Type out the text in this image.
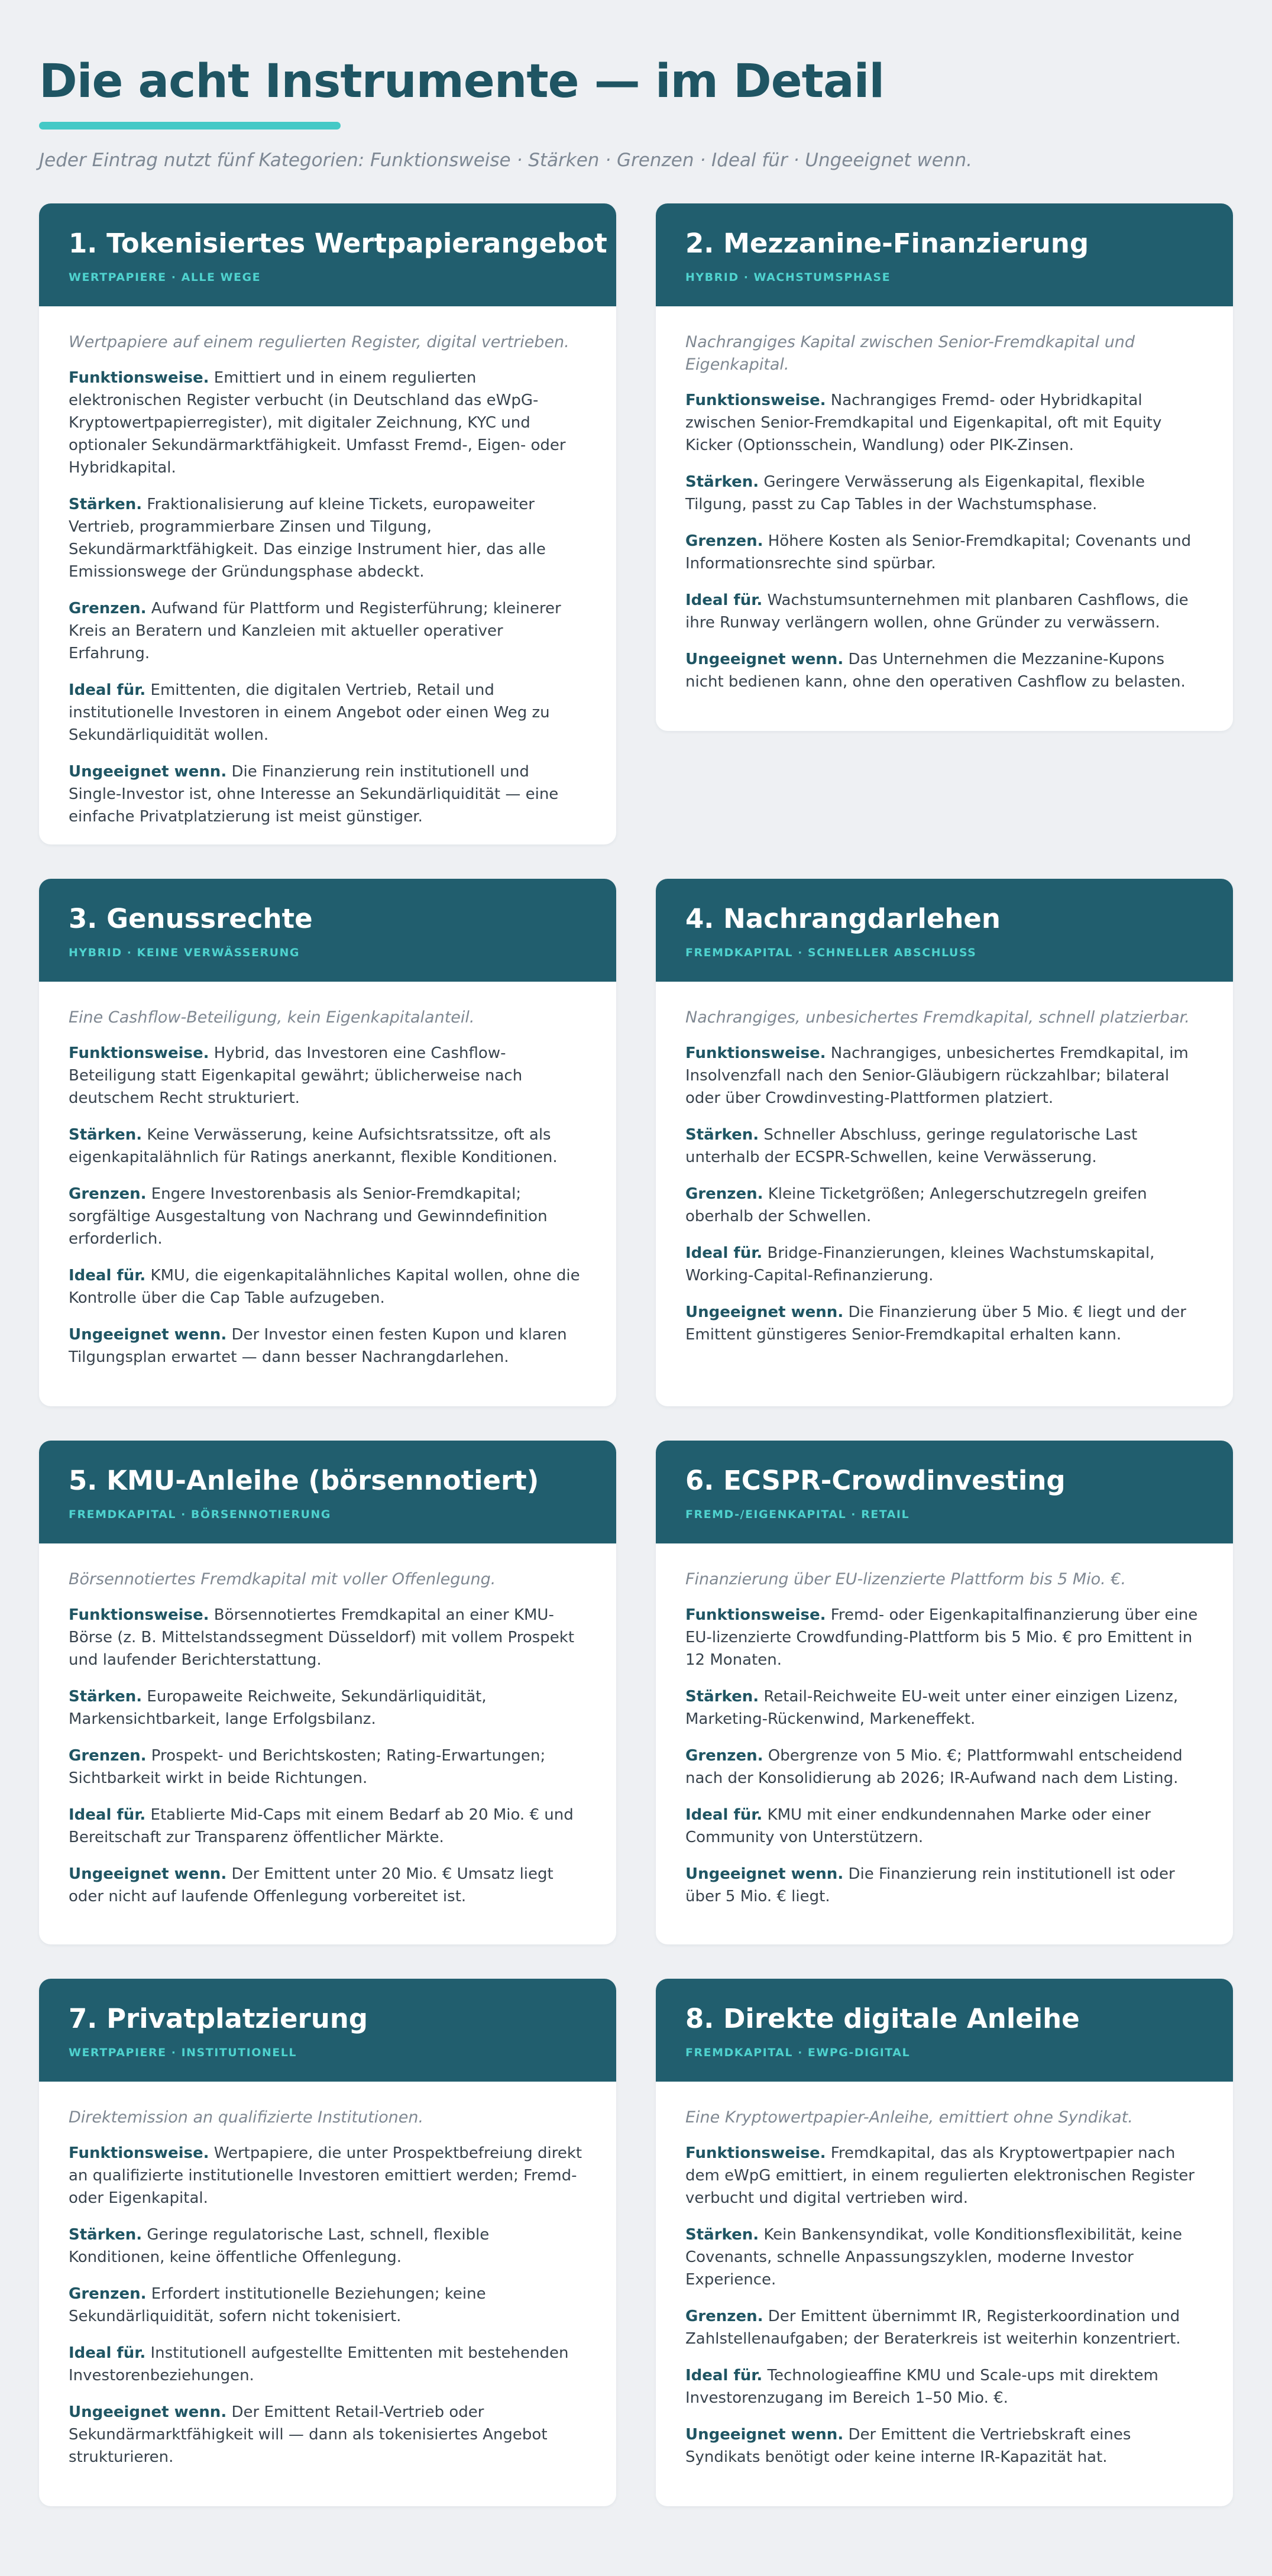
Die acht Instrumente — im Detail

Jeder Eintrag nutzt fünf Kategorien: Funktionsweise · Stärken · Grenzen · Ideal für · Ungeeignet wenn.

1. Tokenisiertes Wertpapierangebot
WERTPAPIERE · ALLE WEGE

Wertpapiere auf einem regulierten Register, digital vertrieben.

Funktionsweise. Emittiert und in einem regulierten elektronischen Register verbucht (in Deutschland das eWpG-Kryptowertpapierregister), mit digitaler Zeichnung, KYC und optionaler Sekundärmarktfähigkeit. Umfasst Fremd-, Eigen- oder Hybridkapital.

Stärken. Fraktionalisierung auf kleine Tickets, europaweiter Vertrieb, programmierbare Zinsen und Tilgung, Sekundärmarktfähigkeit. Das einzige Instrument hier, das alle Emissionswege der Gründungsphase abdeckt.

Grenzen. Aufwand für Plattform und Registerführung; kleinerer Kreis an Beratern und Kanzleien mit aktueller operativer Erfahrung.

Ideal für. Emittenten, die digitalen Vertrieb, Retail und institutionelle Investoren in einem Angebot oder einen Weg zu Sekundärliquidität wollen.

Ungeeignet wenn. Die Finanzierung rein institutionell und Single-Investor ist, ohne Interesse an Sekundärliquidität — eine einfache Privatplatzierung ist meist günstiger.

2. Mezzanine-Finanzierung
HYBRID · WACHSTUMSPHASE

Nachrangiges Kapital zwischen Senior-Fremdkapital und Eigenkapital.

Funktionsweise. Nachrangiges Fremd- oder Hybridkapital zwischen Senior-Fremdkapital und Eigenkapital, oft mit Equity Kicker (Optionsschein, Wandlung) oder PIK-Zinsen.

Stärken. Geringere Verwässerung als Eigenkapital, flexible Tilgung, passt zu Cap Tables in der Wachstumsphase.

Grenzen. Höhere Kosten als Senior-Fremdkapital; Covenants und Informationsrechte sind spürbar.

Ideal für. Wachstumsunternehmen mit planbaren Cashflows, die ihre Runway verlängern wollen, ohne Gründer zu verwässern.

Ungeeignet wenn. Das Unternehmen die Mezzanine-Kupons nicht bedienen kann, ohne den operativen Cashflow zu belasten.

3. Genussrechte
HYBRID · KEINE VERWÄSSERUNG

Eine Cashflow-Beteiligung, kein Eigenkapitalanteil.

Funktionsweise. Hybrid, das Investoren eine Cashflow-Beteiligung statt Eigenkapital gewährt; üblicherweise nach deutschem Recht strukturiert.

Stärken. Keine Verwässerung, keine Aufsichtsratssitze, oft als eigenkapitalähnlich für Ratings anerkannt, flexible Konditionen.

Grenzen. Engere Investorenbasis als Senior-Fremdkapital; sorgfältige Ausgestaltung von Nachrang und Gewinndefinition erforderlich.

Ideal für. KMU, die eigenkapitalähnliches Kapital wollen, ohne die Kontrolle über die Cap Table aufzugeben.

Ungeeignet wenn. Der Investor einen festen Kupon und klaren Tilgungsplan erwartet — dann besser Nachrangdarlehen.

4. Nachrangdarlehen
FREMDKAPITAL · SCHNELLER ABSCHLUSS

Nachrangiges, unbesichertes Fremdkapital, schnell platzierbar.

Funktionsweise. Nachrangiges, unbesichertes Fremdkapital, im Insolvenzfall nach den Senior-Gläubigern rückzahlbar; bilateral oder über Crowdinvesting-Plattformen platziert.

Stärken. Schneller Abschluss, geringe regulatorische Last unterhalb der ECSPR-Schwellen, keine Verwässerung.

Grenzen. Kleine Ticketgrößen; Anlegerschutzregeln greifen oberhalb der Schwellen.

Ideal für. Bridge-Finanzierungen, kleines Wachstumskapital, Working-Capital-Refinanzierung.

Ungeeignet wenn. Die Finanzierung über 5 Mio. € liegt und der Emittent günstigeres Senior-Fremdkapital erhalten kann.

5. KMU-Anleihe (börsennotiert)
FREMDKAPITAL · BÖRSENNOTIERUNG

Börsennotiertes Fremdkapital mit voller Offenlegung.

Funktionsweise. Börsennotiertes Fremdkapital an einer KMU-Börse (z. B. Mittelstandssegment Düsseldorf) mit vollem Prospekt und laufender Berichterstattung.

Stärken. Europaweite Reichweite, Sekundärliquidität, Markensichtbarkeit, lange Erfolgsbilanz.

Grenzen. Prospekt- und Berichtskosten; Rating-Erwartungen; Sichtbarkeit wirkt in beide Richtungen.

Ideal für. Etablierte Mid-Caps mit einem Bedarf ab 20 Mio. € und Bereitschaft zur Transparenz öffentlicher Märkte.

Ungeeignet wenn. Der Emittent unter 20 Mio. € Umsatz liegt oder nicht auf laufende Offenlegung vorbereitet ist.

6. ECSPR-Crowdinvesting
FREMD-/EIGENKAPITAL · RETAIL

Finanzierung über EU-lizenzierte Plattform bis 5 Mio. €.

Funktionsweise. Fremd- oder Eigenkapitalfinanzierung über eine EU-lizenzierte Crowdfunding-Plattform bis 5 Mio. € pro Emittent in 12 Monaten.

Stärken. Retail-Reichweite EU-weit unter einer einzigen Lizenz, Marketing-Rückenwind, Markeneffekt.

Grenzen. Obergrenze von 5 Mio. €; Plattformwahl entscheidend nach der Konsolidierung ab 2026; IR-Aufwand nach dem Listing.

Ideal für. KMU mit einer endkundennahen Marke oder einer Community von Unterstützern.

Ungeeignet wenn. Die Finanzierung rein institutionell ist oder über 5 Mio. € liegt.

7. Privatplatzierung
WERTPAPIERE · INSTITUTIONELL

Direktemission an qualifizierte Institutionen.

Funktionsweise. Wertpapiere, die unter Prospektbefreiung direkt an qualifizierte institutionelle Investoren emittiert werden; Fremd- oder Eigenkapital.

Stärken. Geringe regulatorische Last, schnell, flexible Konditionen, keine öffentliche Offenlegung.

Grenzen. Erfordert institutionelle Beziehungen; keine Sekundärliquidität, sofern nicht tokenisiert.

Ideal für. Institutionell aufgestellte Emittenten mit bestehenden Investorenbeziehungen.

Ungeeignet wenn. Der Emittent Retail-Vertrieb oder Sekundärmarktfähigkeit will — dann als tokenisiertes Angebot strukturieren.

8. Direkte digitale Anleihe
FREMDKAPITAL · EWPG-DIGITAL

Eine Kryptowertpapier-Anleihe, emittiert ohne Syndikat.

Funktionsweise. Fremdkapital, das als Kryptowertpapier nach dem eWpG emittiert, in einem regulierten elektronischen Register verbucht und digital vertrieben wird.

Stärken. Kein Bankensyndikat, volle Konditionsflexibilität, keine Covenants, schnelle Anpassungszyklen, moderne Investor Experience.

Grenzen. Der Emittent übernimmt IR, Registerkoordination und Zahlstellenaufgaben; der Beraterkreis ist weiterhin konzentriert.

Ideal für. Technologieaffine KMU und Scale-ups mit direktem Investorenzugang im Bereich 1–50 Mio. €.

Ungeeignet wenn. Der Emittent die Vertriebskraft eines Syndikats benötigt oder keine interne IR-Kapazität hat.
